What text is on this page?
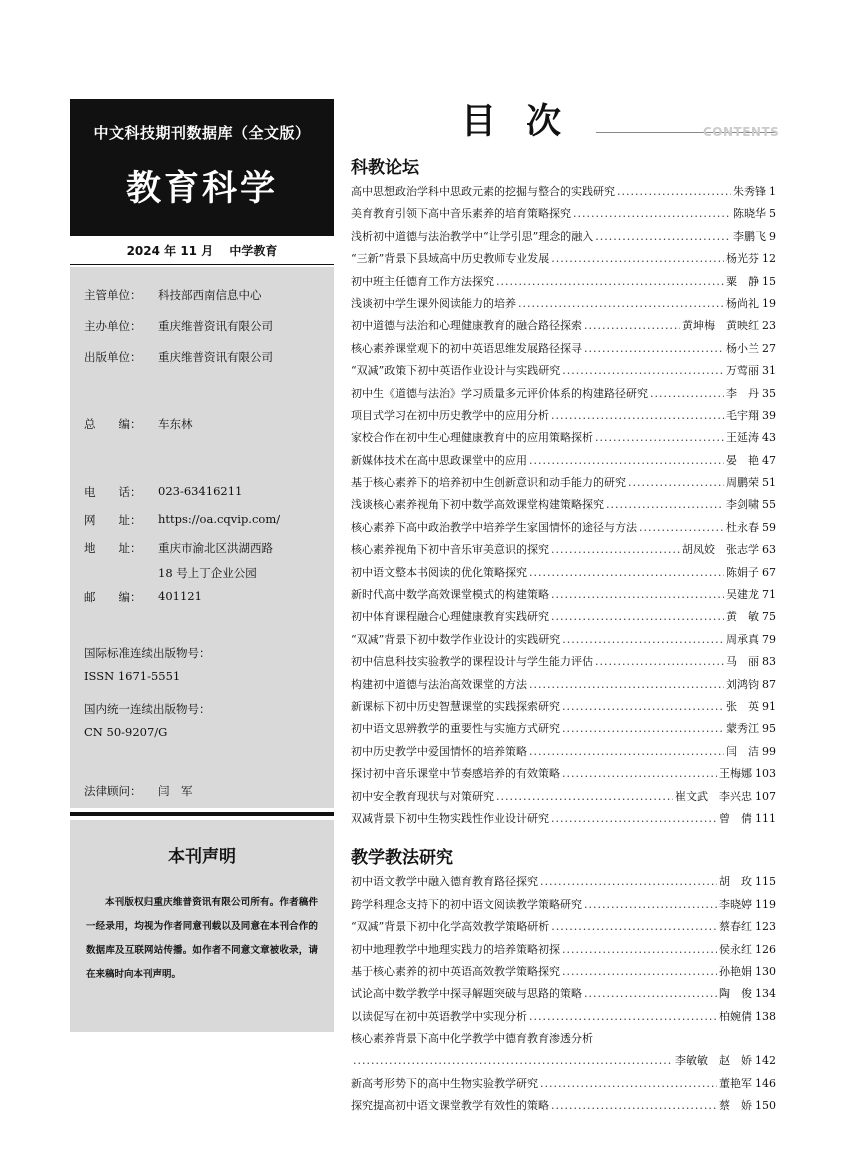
中文科技期刊数据库（全文版）
教育科学
2024 年 11 月 中学教育
主管单位：	科技部西南信息中心
主办单位：	重庆维普资讯有限公司
出版单位：	重庆维普资讯有限公司
总　　编：	车东林
电　　话：	023-63416211
网　　址：	https://oa.cqvip.com/
地　　址：	重庆市渝北区洪湖西路
18 号上丁企业公园
邮　　编：	401121
国际标准连续出版物号：
ISSN 1671-5551
国内统一连续出版物号：
CN 50-9207/G
法律顾问：	闫　军
本刊声明

本刊版权归重庆维普资讯有限公司所有。作者稿件一经录用，均视为作者同意刊载以及同意在本刊合作的数据库及互联网站传播。如作者不同意文章被收录，请在来稿时向本刊声明。

目次	CONTENTS
科教论坛
高中思想政治学科中思政元素的挖掘与整合的实践研究 .....	朱秀锋 1
美育教育引领下高中音乐素养的培育策略探究 .....	陈晓华 5
浅析初中道德与法治教学中“让学引思”理念的融入 .....	李鹏飞 9
“三新”背景下县域高中历史教师专业发展 .....	杨光芬 12
初中班主任德育工作方法探究 .....	粟　静 15
浅谈初中学生课外阅读能力的培养 .....	杨尚礼 19
初中道德与法治和心理健康教育的融合路径探索 .....	黄坤梅　黄映红 23
核心素养课堂观下的初中英语思维发展路径探寻 .....	杨小兰 27
“双减”政策下初中英语作业设计与实践研究 .....	万莺丽 31
初中生《道德与法治》学习质量多元评价体系的构建路径研究 .....	李　丹 35
项目式学习在初中历史教学中的应用分析 .....	毛宇翔 39
家校合作在初中生心理健康教育中的应用策略探析 .....	王延涛 43
新媒体技术在高中思政课堂中的应用 .....	晏　艳 47
基于核心素养下的培养初中生创新意识和动手能力的研究 .....	周鹏荣 51
浅谈核心素养视角下初中数学高效课堂构建策略探究 .....	李剑啸 55
核心素养下高中政治教学中培养学生家国情怀的途径与方法 .....	杜永春 59
核心素养视角下初中音乐审美意识的探究 .....	胡凤姣　张志学 63
初中语文整本书阅读的优化策略探究 .....	陈娟子 67
新时代高中数学高效课堂模式的构建策略 .....	吴建龙 71
初中体育课程融合心理健康教育实践研究 .....	黄　敏 75
“双减”背景下初中数学作业设计的实践研究 .....	周承真 79
初中信息科技实验教学的课程设计与学生能力评估 .....	马　丽 83
构建初中道德与法治高效课堂的方法 .....	刘鸿钧 87
新课标下初中历史智慧课堂的实践探索研究 .....	张　英 91
初中语文思辨教学的重要性与实施方式研究 .....	蒙秀江 95
初中历史教学中爱国情怀的培养策略 .....	闫　洁 99
探讨初中音乐课堂中节奏感培养的有效策略 .....	王梅娜 103
初中安全教育现状与对策研究 .....	崔文武　李兴忠 107
双减背景下初中生物实践性作业设计研究 .....	曾　倩 111
教学教法研究
初中语文教学中融入德育教育路径探究 .....	胡　玫 115
跨学科理念支持下的初中语文阅读教学策略研究 .....	李晓婷 119
“双减”背景下初中化学高效教学策略研析 .....	蔡春红 123
初中地理教学中地理实践力的培养策略初探 .....	侯永红 126
基于核心素养的初中英语高效教学策略探究 .....	孙艳娟 130
试论高中数学教学中探寻解题突破与思路的策略 .....	陶　俊 134
以读促写在初中英语教学中实现分析 .....	柏婉倩 138
核心素养背景下高中化学教学中德育教育渗透分析
.....
李敏敏　赵　娇 142
新高考形势下的高中生物实验教学研究 .....	董艳军 146
探究提高初中语文课堂教学有效性的策略 .....	蔡　娇 150
